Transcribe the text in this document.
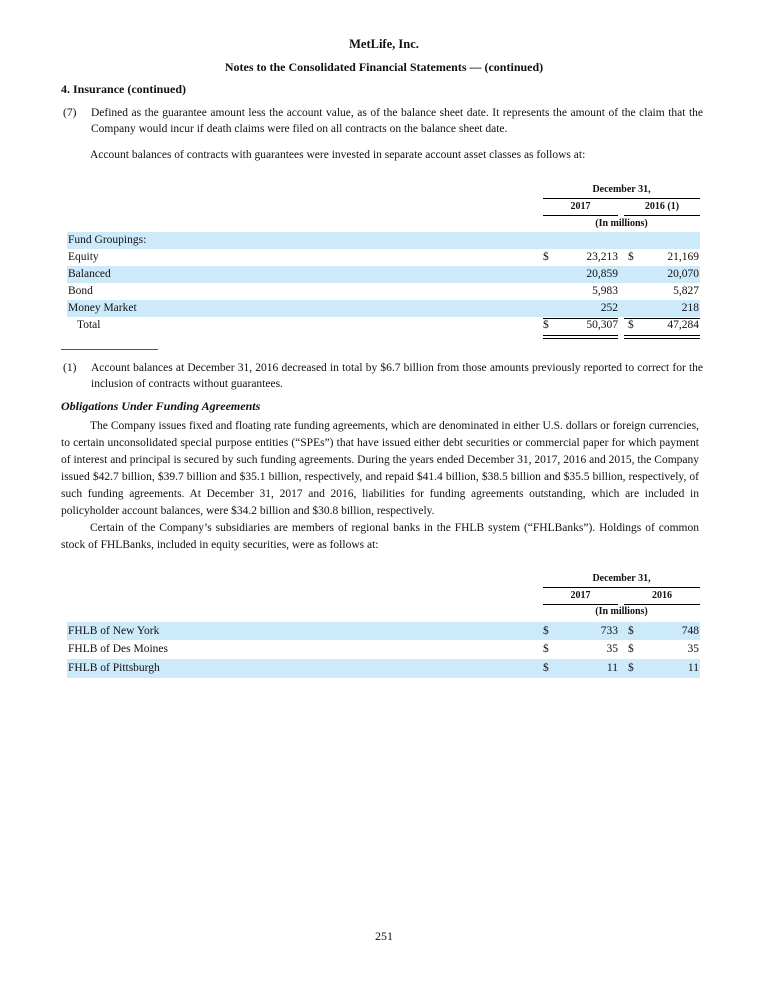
MetLife, Inc.
Notes to the Consolidated Financial Statements — (continued)
4. Insurance (continued)
(7) Defined as the guarantee amount less the account value, as of the balance sheet date. It represents the amount of the claim that the Company would incur if death claims were filed on all contracts on the balance sheet date.
Account balances of contracts with guarantees were invested in separate account asset classes as follows at:
December 31,
2017	2016 (1)
(In millions)
Fund Groupings:
Equity	$	23,213 $	21,169
Balanced	20,859	20,070
Bond	5,983	5,827
Money Market	252	218
Total	$	50,307 $	47,284
(1) Account balances at December 31, 2016 decreased in total by $6.7 billion from those amounts previously reported to correct for the inclusion of contracts without guarantees.
Obligations Under Funding Agreements
The Company issues fixed and floating rate funding agreements, which are denominated in either U.S. dollars or foreign currencies, to certain unconsolidated special purpose entities (“SPEs”) that have issued either debt securities or commercial paper for which payment of interest and principal is secured by such funding agreements. During the years ended December 31, 2017, 2016 and 2015, the Company issued $42.7 billion, $39.7 billion and $35.1 billion, respectively, and repaid $41.4 billion, $38.5 billion and $35.5 billion, respectively, of such funding agreements. At December 31, 2017 and 2016, liabilities for funding agreements outstanding, which are included in policyholder account balances, were $34.2 billion and $30.8 billion, respectively.
Certain of the Company’s subsidiaries are members of regional banks in the FHLB system (“FHLBanks”). Holdings of common stock of FHLBanks, included in equity securities, were as follows at:
December 31,
2017	2016
(In millions)
FHLB of New York	$	733 $	748
FHLB of Des Moines	$	35 $	35
FHLB of Pittsburgh	$	11 $	11
251
